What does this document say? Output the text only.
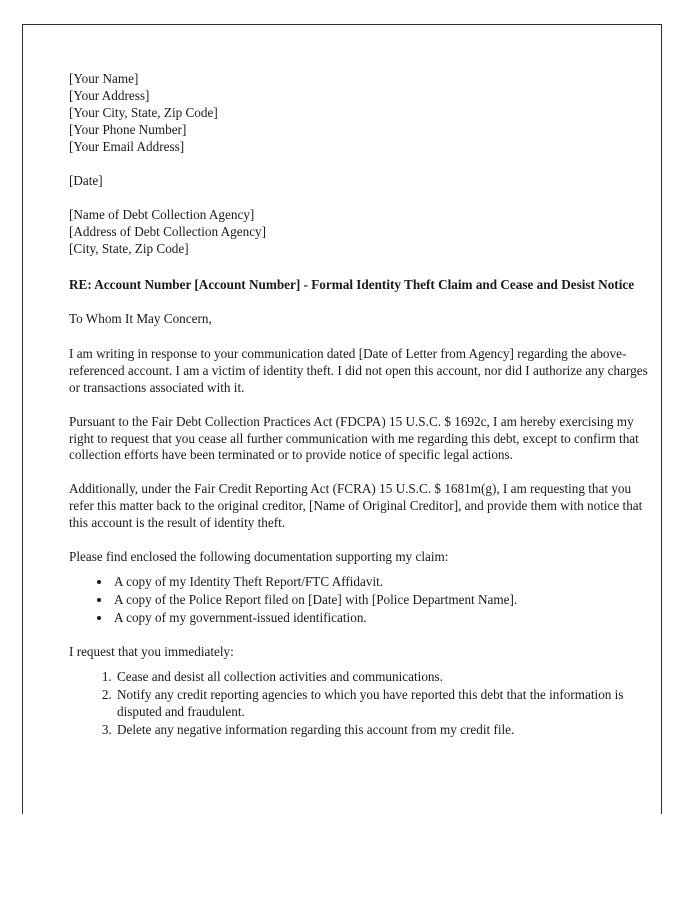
[Your Name]
[Your Address]
[Your City, State, Zip Code]
[Your Phone Number]
[Your Email Address]
[Date]
[Name of Debt Collection Agency]
[Address of Debt Collection Agency]
[City, State, Zip Code]
RE: Account Number [Account Number] - Formal Identity Theft Claim and Cease and Desist Notice
To Whom It May Concern,

I am writing in response to your communication dated [Date of Letter from Agency] regarding the above-referenced account. I am a victim of identity theft. I did not open this account, nor did I authorize any charges or transactions associated with it.

Pursuant to the Fair Debt Collection Practices Act (FDCPA) 15 U.S.C. $ 1692c, I am hereby exercising my right to request that you cease all further communication with me regarding this debt, except to confirm that collection efforts have been terminated or to provide notice of specific legal actions.

Additionally, under the Fair Credit Reporting Act (FCRA) 15 U.S.C. $ 1681m(g), I am requesting that you refer this matter back to the original creditor, [Name of Original Creditor], and provide them with notice that this account is the result of identity theft.

Please find enclosed the following documentation supporting my claim:

• A copy of my Identity Theft Report/FTC Affidavit.
• A copy of the Police Report filed on [Date] with [Police Department Name].
• A copy of my government-issued identification.

I request that you immediately:

1. Cease and desist all collection activities and communications.
2. Notify any credit reporting agencies to which you have reported this debt that the information is disputed and fraudulent.
3. Delete any negative information regarding this account from my credit file.
